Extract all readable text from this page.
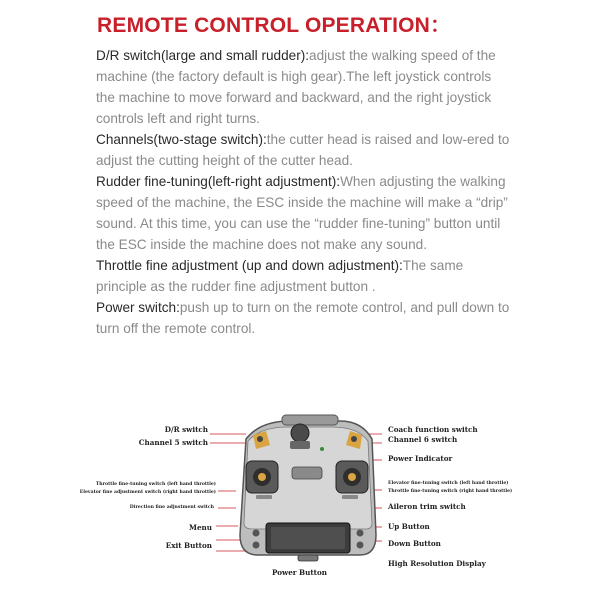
REMOTE CONTROL OPERATION：

D/R switch(large and small rudder):adjust the walking speed of the machine (the factory default is high gear).The left joystick controls the machine to move forward and backward, and the right joystick controls left and right turns.

Channels(two-stage switch):the cutter head is raised and low-ered to adjust the cutting height of the cutter head.

Rudder fine-tuning(left-right adjustment):When adjusting the walking speed of the machine, the ESC inside the machine will make a “drip” sound. At this time, you can use the “rudder fine-tuning” button until the ESC inside the machine does not make any sound.

Throttle fine adjustment (up and down adjustment):The same principle as the rudder fine adjustment button .

Power switch:push up to turn on the remote control, and pull down to turn off the remote control.

D/R switch
Channel 5 switch
Throttle fine-tuning switch (left hand throttle)
Elevator fine adjustment switch (right hand throttle)
Direction fine adjustment switch
Menu
Exit Button
Coach function switch
Channel 6 switch
Power Indicator
Elevator fine-tuning switch (left hand throttle)
Throttle fine-tuning switch (right hand throttle)
Aileron trim switch
Up Button
Down Button
High Resolution Display
Power Button
